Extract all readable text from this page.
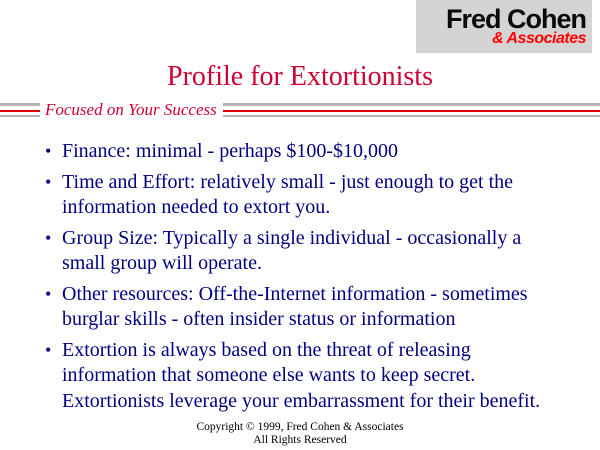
Fred Cohen
& Associates
Profile for Extortionists
Focused on Your Success
• Finance: minimal - perhaps $100-$10,000
• Time and Effort: relatively small - just enough to get the information needed to extort you.
• Group Size: Typically a single individual - occasionally a small group will operate.
• Other resources: Off-the-Internet information - sometimes burglar skills - often insider status or information
• Extortion is always based on the threat of releasing information that someone else wants to keep secret. Extortionists leverage your embarrassment for their benefit.
Copyright © 1999, Fred Cohen & Associates
All Rights Reserved
